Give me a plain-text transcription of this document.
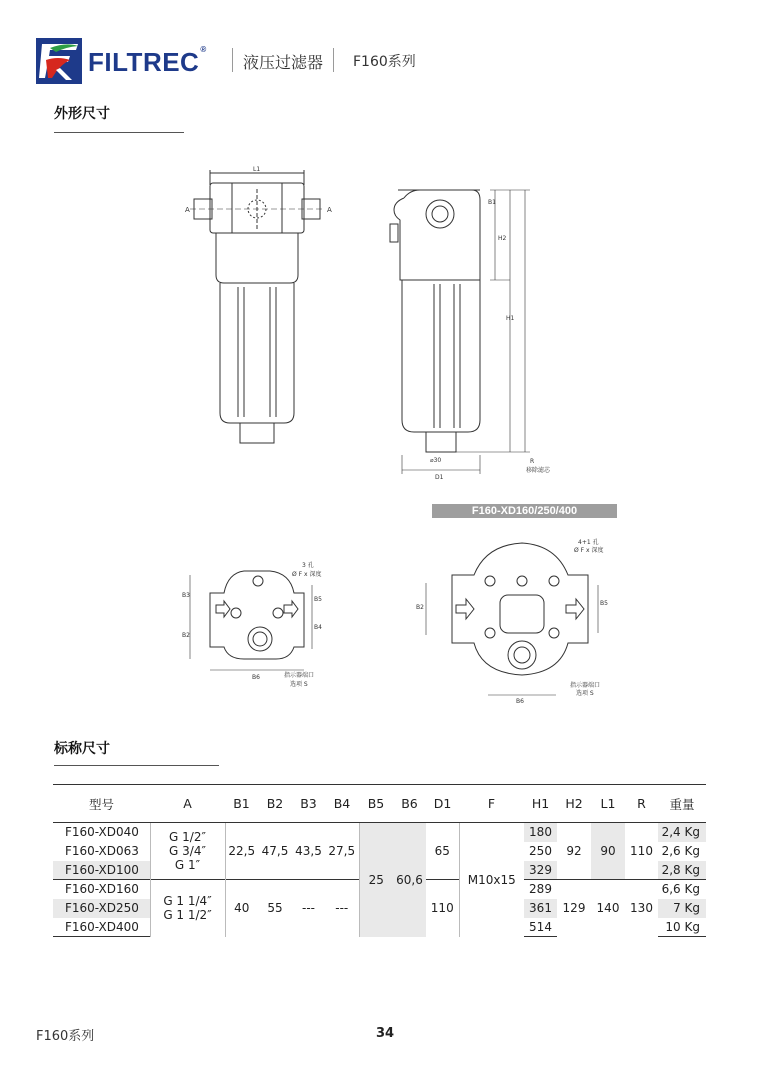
FILTREC®
液压过滤器 F160系列
外形尺寸
L1
A	A
B1
H2
H1
⌀30
D1
R
移除滤芯
F160-XD160/250/400
B3
B2
B5
B4
B6
3 孔
Ø F x 深度
指示器端口
选项 S
B2
B5
B6
4+1 孔
Ø F x 深度
指示器端口
选项 S
标称尺寸
型号	A	B1	B2	B3	B4	B5	B6	D1	F	H1	H2	L1	R	重量
F160-XD040	G 1/2″
G 3/4″
G 1″	22,5	47,5	43,5	27,5	25	60,6	65	M10x15	180	92	90	110	2,4 Kg
F160-XD063										250				2,6 Kg
F160-XD100										329				2,8 Kg
F160-XD160	G 1 1/4″
G 1 1/2″	40	55	---	---			110		289	129	140	130	6,6 Kg
F160-XD250										361				7 Kg
F160-XD400										514				10 Kg
F160系列	34
